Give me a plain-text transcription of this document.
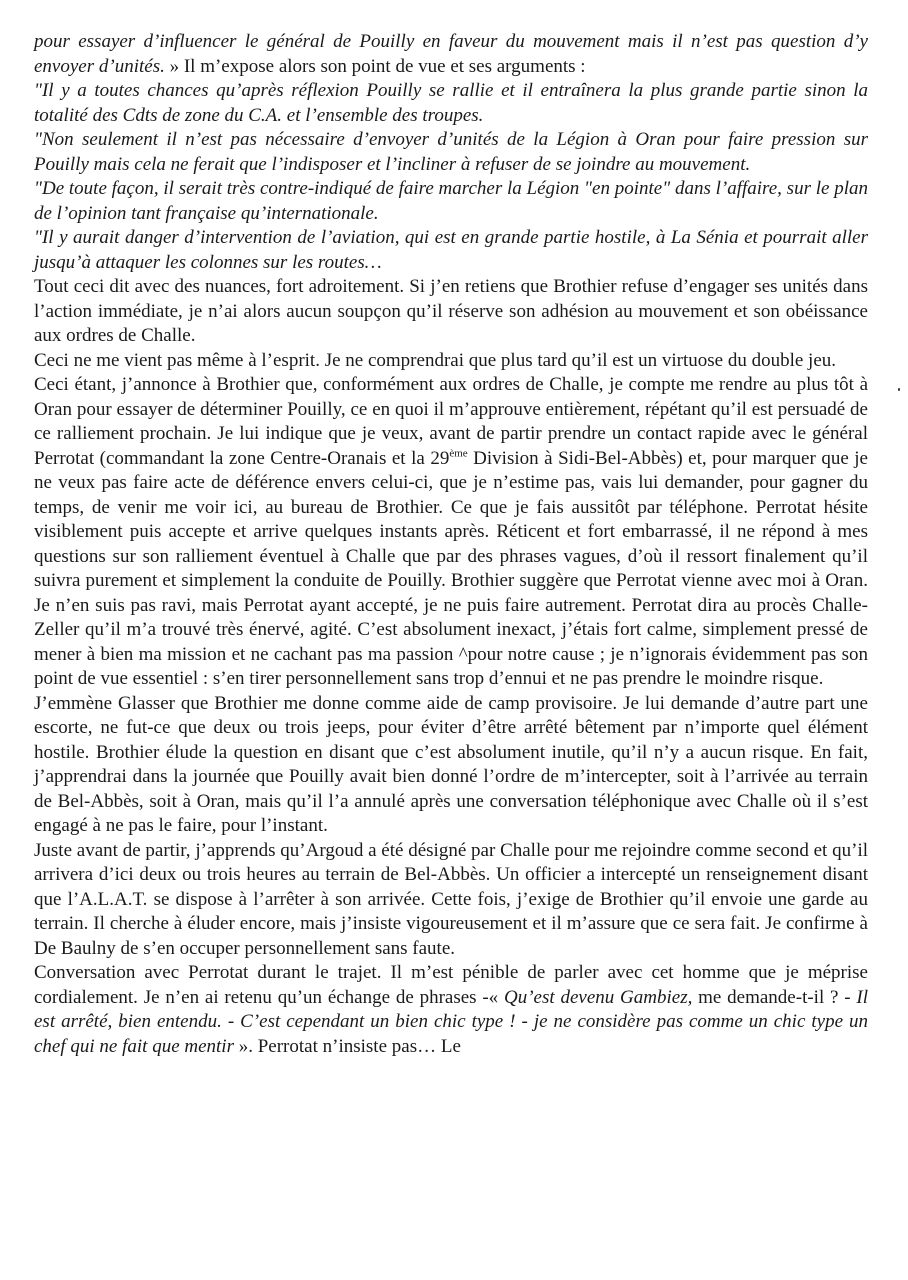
pour essayer d’influencer le général de Pouilly en faveur du mouvement mais il n’est pas question d’y envoyer d’unités. » Il m’expose alors son point de vue et ses arguments :

"Il y a toutes chances qu’après réflexion Pouilly se rallie et il entraînera la plus grande partie sinon la totalité des Cdts de zone du C.A. et l’ensemble des troupes.

"Non seulement il n’est pas nécessaire d’envoyer d’unités de la Légion à Oran pour faire pression sur Pouilly mais cela ne ferait que l’indisposer et l’incliner à refuser de se joindre au mouvement.

"De toute façon, il serait très contre-indiqué de faire marcher la Légion "en pointe" dans l’affaire, sur le plan de l’opinion tant française qu’internationale.

"Il y aurait danger d’intervention de l’aviation, qui est en grande partie hostile, à La Sénia et pourrait aller jusqu’à attaquer les colonnes sur les routes…

Tout ceci dit avec des nuances, fort adroitement. Si j’en retiens que Brothier refuse d’engager ses unités dans l’action immédiate, je n’ai alors aucun soupçon qu’il réserve son adhésion au mouvement et son obéissance aux ordres de Challe.

Ceci ne me vient pas même à l’esprit. Je ne comprendrai que plus tard qu’il est un virtuose du double jeu.

Ceci étant, j’annonce à Brothier que, conformément aux ordres de Challe, je compte me rendre au plus tôt à Oran pour essayer de déterminer Pouilly, ce en quoi il m’approuve entièrement, répétant qu’il est persuadé de ce ralliement prochain. Je lui indique que je veux, avant de partir prendre un contact rapide avec le général Perrotat (commandant la zone Centre-Oranais et la 29ème Division à Sidi-Bel-Abbès) et, pour marquer que je ne veux pas faire acte de déférence envers celui-ci, que je n’estime pas, vais lui demander, pour gagner du temps, de venir me voir ici, au bureau de Brothier. Ce que je fais aussitôt par téléphone. Perrotat hésite visiblement puis accepte et arrive quelques instants après. Réticent et fort embarrassé, il ne répond à mes questions sur son ralliement éventuel à Challe que par des phrases vagues, d’où il ressort finalement qu’il suivra purement et simplement la conduite de Pouilly. Brothier suggère que Perrotat vienne avec moi à Oran. Je n’en suis pas ravi, mais Perrotat ayant accepté, je ne puis faire autrement. Perrotat dira au procès Challe-Zeller qu’il m’a trouvé très énervé, agité. C’est absolument inexact, j’étais fort calme, simplement pressé de mener à bien ma mission et ne cachant pas ma passion ^pour notre cause ; je n’ignorais évidemment pas son point de vue essentiel : s’en tirer personnellement sans trop d’ennui et ne pas prendre le moindre risque.

J’emmène Glasser que Brothier me donne comme aide de camp provisoire. Je lui demande d’autre part une escorte, ne fut-ce que deux ou trois jeeps, pour éviter d’être arrêté bêtement par n’importe quel élément hostile. Brothier élude la question en disant que c’est absolument inutile, qu’il n’y a aucun risque. En fait, j’apprendrai dans la journée que Pouilly avait bien donné l’ordre de m’intercepter, soit à l’arrivée au terrain de Bel-Abbès, soit à Oran, mais qu’il l’a annulé après une conversation téléphonique avec Challe où il s’est engagé à ne pas le faire, pour l’instant.

Juste avant de partir, j’apprends qu’Argoud a été désigné par Challe pour me rejoindre comme second et qu’il arrivera d’ici deux ou trois heures au terrain de Bel-Abbès. Un officier a intercepté un renseignement disant que l’A.L.A.T. se dispose à l’arrêter à son arrivée. Cette fois, j’exige de Brothier qu’il envoie une garde au terrain. Il cherche à éluder encore, mais j’insiste vigoureusement et il m’assure que ce sera fait. Je confirme à De Baulny de s’en occuper personnellement sans faute.

Conversation avec Perrotat durant le trajet. Il m’est pénible de parler avec cet homme que je méprise cordialement. Je n’en ai retenu qu’un échange de phrases -« Qu’est devenu Gambiez, me demande-t-il ? - Il est arrêté, bien entendu. - C’est cependant un bien chic type ! - je ne considère pas comme un chic type un chef qui ne fait que mentir ». Perrotat n’insiste pas… Le
